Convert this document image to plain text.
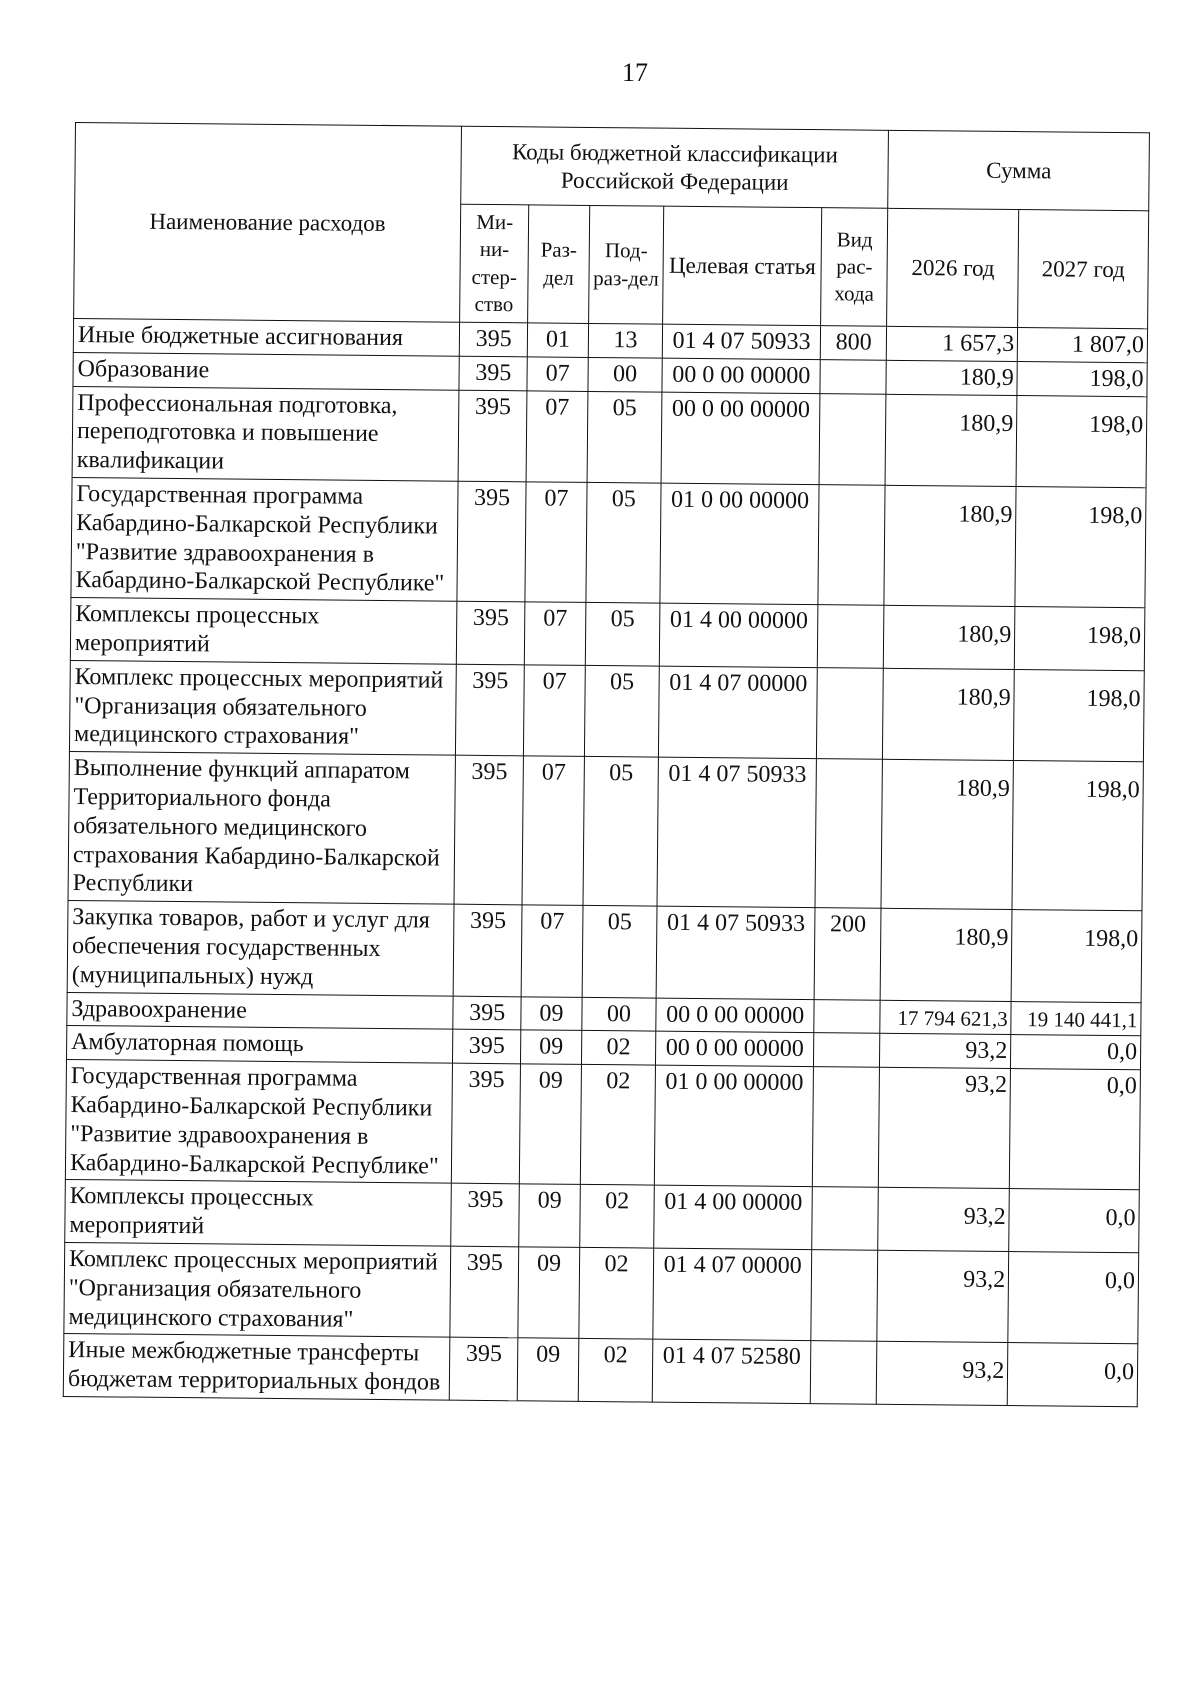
17
Наименование расходов	Коды бюджетной классификации Российской Федерации					Сумма	
	Ми-ни-стер-ство	Раз-дел	Под-раз-дел	Целевая статья	Вид рас-хода	2026 год	2027 год
Иные бюджетные ассигнования	395	01	13	01 4 07 50933	800	1 657,3	1 807,0
Образование	395	07	00	00 0 00 00000		180,9	198,0
Профессиональная подготовка, переподготовка и повышение квалификации	395	07	05	00 0 00 00000		180,9	198,0
Государственная программа Кабардино-Балкарской Республики "Развитие здравоохранения в Кабардино-Балкарской Республике"	395	07	05	01 0 00 00000		180,9	198,0
Комплексы процессных мероприятий	395	07	05	01 4 00 00000		180,9	198,0
Комплекс процессных мероприятий "Организация обязательного медицинского страхования"	395	07	05	01 4 07 00000		180,9	198,0
Выполнение функций аппаратом Территориального фонда обязательного медицинского страхования Кабардино-Балкарской Республики	395	07	05	01 4 07 50933		180,9	198,0
Закупка товаров, работ и услуг для обеспечения государственных (муниципальных) нужд	395	07	05	01 4 07 50933	200	180,9	198,0
Здравоохранение	395	09	00	00 0 00 00000		17 794 621,3	19 140 441,1
Амбулаторная помощь	395	09	02	00 0 00 00000		93,2	0,0
Государственная программа Кабардино-Балкарской Республики "Развитие здравоохранения в Кабардино-Балкарской Республике"	395	09	02	01 0 00 00000		93,2	0,0
Комплексы процессных мероприятий	395	09	02	01 4 00 00000		93,2	0,0
Комплекс процессных мероприятий "Организация обязательного медицинского страхования"	395	09	02	01 4 07 00000		93,2	0,0
Иные межбюджетные трансферты бюджетам территориальных фондов	395	09	02	01 4 07 52580		93,2	0,0
